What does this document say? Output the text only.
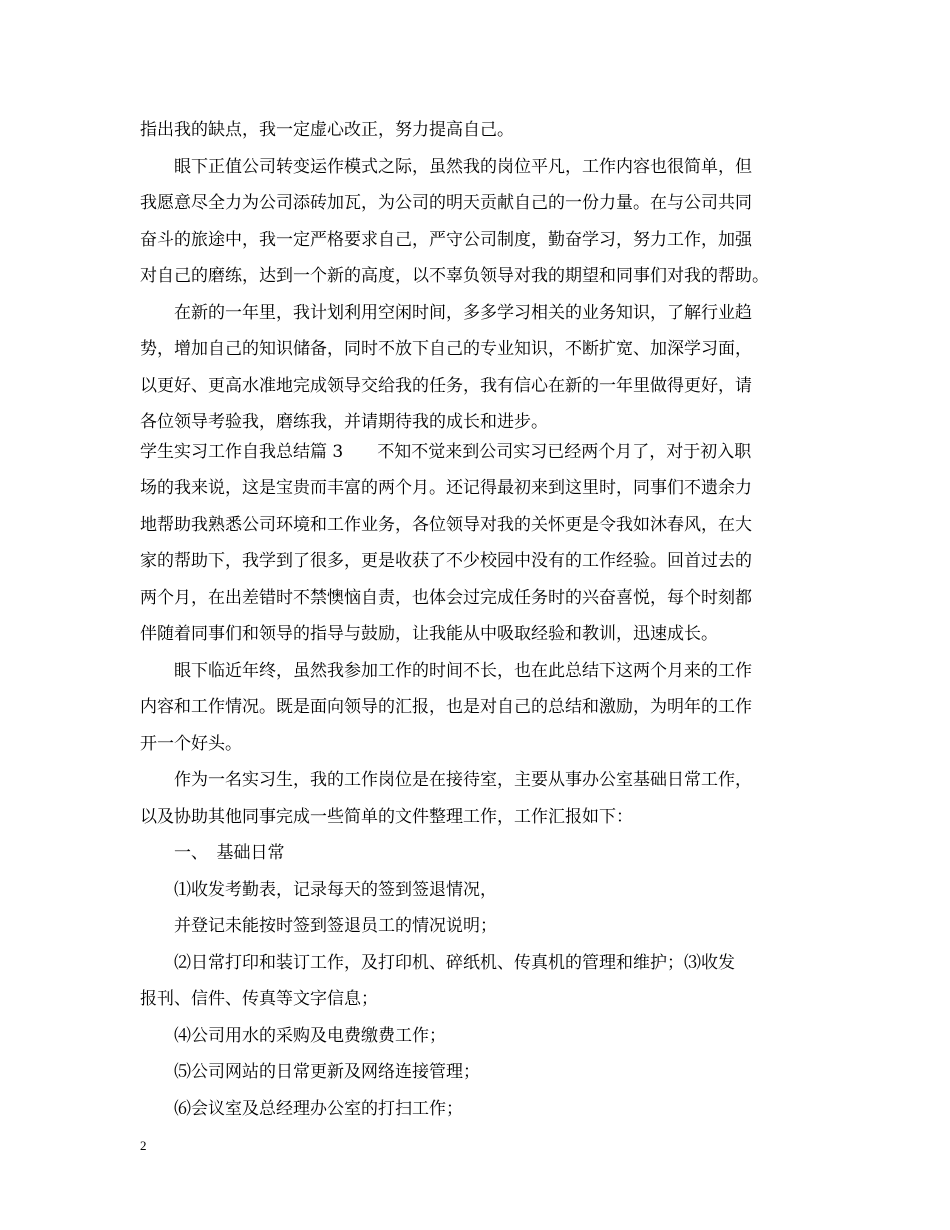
指出我的缺点，我一定虚心改正，努力提高自己。
眼下正值公司转变运作模式之际，虽然我的岗位平凡，工作内容也很简单，但
我愿意尽全力为公司添砖加瓦，为公司的明天贡献自己的一份力量。在与公司共同
奋斗的旅途中，我一定严格要求自己，严守公司制度，勤奋学习，努力工作，加强
对自己的磨练，达到一个新的高度，以不辜负领导对我的期望和同事们对我的帮助。
在新的一年里，我计划利用空闲时间，多多学习相关的业务知识，了解行业趋
势，增加自己的知识储备，同时不放下自己的专业知识，不断扩宽、加深学习面，
以更好、更高水准地完成领导交给我的任务，我有信心在新的一年里做得更好，请
各位领导考验我，磨练我，并请期待我的成长和进步。
学生实习工作自我总结篇 3　　不知不觉来到公司实习已经两个月了，对于初入职
场的我来说，这是宝贵而丰富的两个月。还记得最初来到这里时，同事们不遗余力
地帮助我熟悉公司环境和工作业务，各位领导对我的关怀更是令我如沐春风，在大
家的帮助下，我学到了很多，更是收获了不少校园中没有的工作经验。回首过去的
两个月，在出差错时不禁懊恼自责，也体会过完成任务时的兴奋喜悦，每个时刻都
伴随着同事们和领导的指导与鼓励，让我能从中吸取经验和教训，迅速成长。
眼下临近年终，虽然我参加工作的时间不长，也在此总结下这两个月来的工作
内容和工作情况。既是面向领导的汇报，也是对自己的总结和激励，为明年的工作
开一个好头。
作为一名实习生，我的工作岗位是在接待室，主要从事办公室基础日常工作，
以及协助其他同事完成一些简单的文件整理工作，工作汇报如下：
一、　基础日常
⑴收发考勤表，记录每天的签到签退情况，
并登记未能按时签到签退员工的情况说明；
⑵日常打印和装订工作，及打印机、碎纸机、传真机的管理和维护；⑶收发
报刊、信件、传真等文字信息；
⑷公司用水的采购及电费缴费工作；
⑸公司网站的日常更新及网络连接管理；
⑹会议室及总经理办公室的打扫工作；
2
